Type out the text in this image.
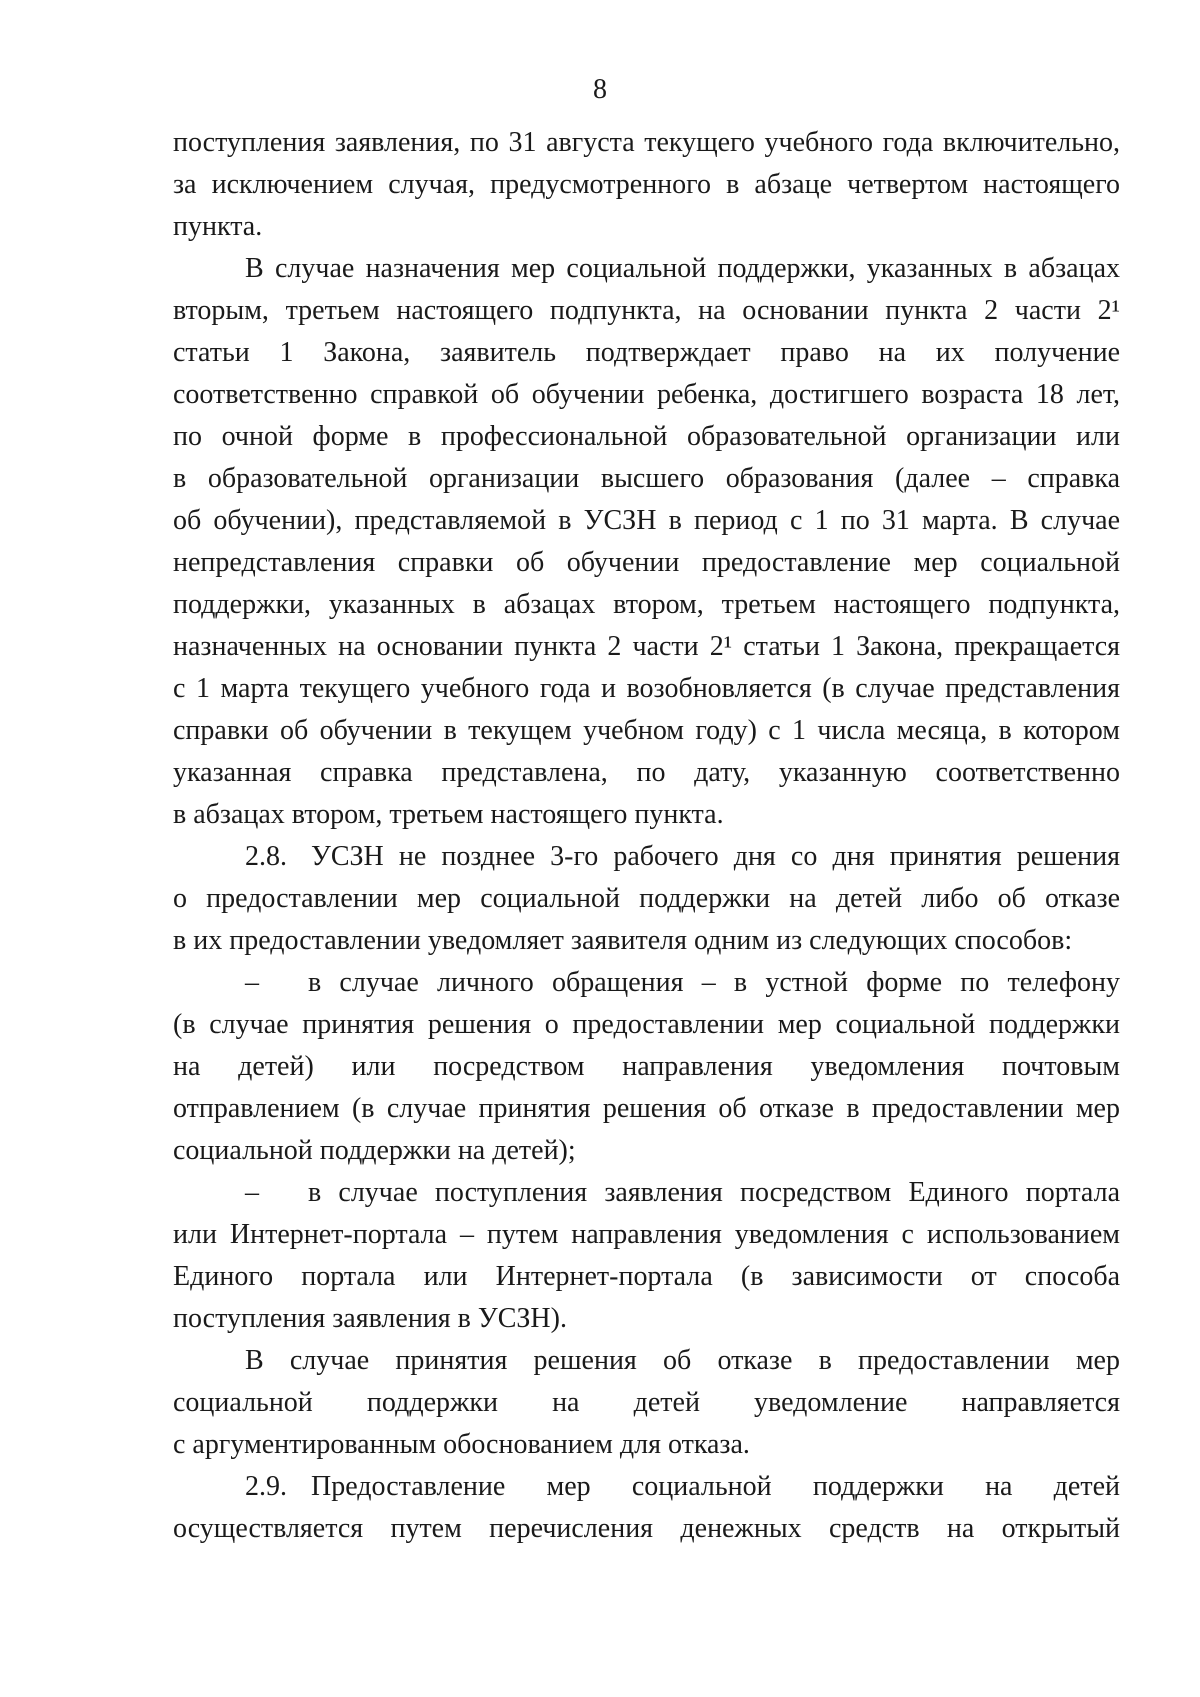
8
поступления заявления, по 31 августа текущего учебного года включительно,
за исключением случая, предусмотренного в абзаце четвертом настоящего
пункта.
В случае назначения мер социальной поддержки, указанных в абзацах
вторым, третьем настоящего подпункта, на основании пункта 2 части 2¹
статьи 1 Закона, заявитель подтверждает право на их получение
соответственно справкой об обучении ребенка, достигшего возраста 18 лет,
по очной форме в профессиональной образовательной организации или
в образовательной организации высшего образования (далее – справка
об обучении), представляемой в УСЗН в период с 1 по 31 марта. В случае
непредставления справки об обучении предоставление мер социальной
поддержки, указанных в абзацах втором, третьем настоящего подпункта,
назначенных на основании пункта 2 части 2¹ статьи 1 Закона, прекращается
с 1 марта текущего учебного года и возобновляется (в случае представления
справки об обучении в текущем учебном году) с 1 числа месяца, в котором
указанная справка представлена, по дату, указанную соответственно
в абзацах втором, третьем настоящего пункта.
2.8. УСЗН не позднее 3-го рабочего дня со дня принятия решения
о предоставлении мер социальной поддержки на детей либо об отказе
в их предоставлении уведомляет заявителя одним из следующих способов:
–	в случае личного обращения – в устной форме по телефону
(в случае принятия решения о предоставлении мер социальной поддержки
на детей) или посредством направления уведомления почтовым
отправлением (в случае принятия решения об отказе в предоставлении мер
социальной поддержки на детей);
–	в случае поступления заявления посредством Единого портала
или Интернет-портала – путем направления уведомления с использованием
Единого портала или Интернет-портала (в зависимости от способа
поступления заявления в УСЗН).
В случае принятия решения об отказе в предоставлении мер
социальной поддержки на детей уведомление направляется
с аргументированным обоснованием для отказа.
2.9. Предоставление мер социальной поддержки на детей
осуществляется путем перечисления денежных средств на открытый
